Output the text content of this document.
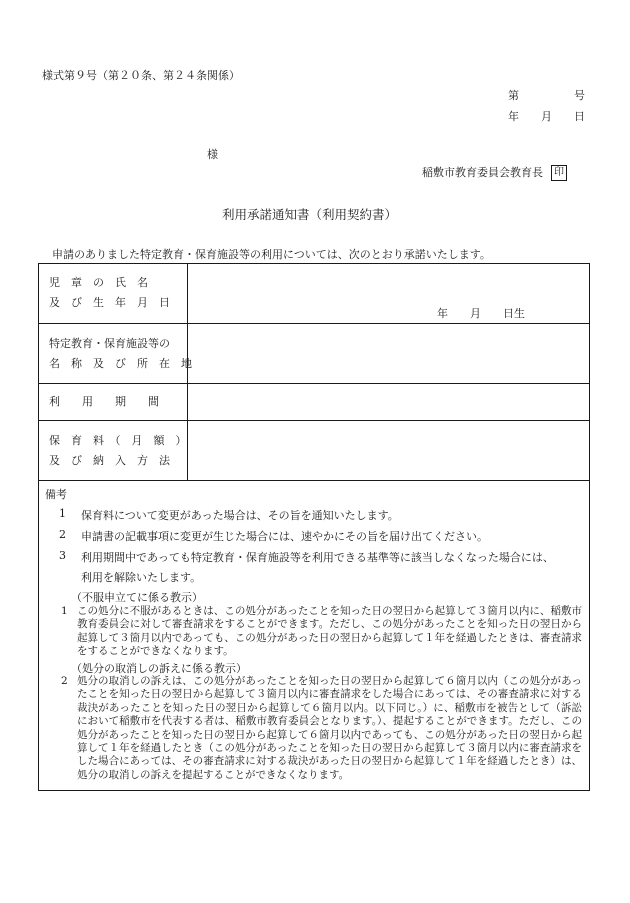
様式第９号（第２０条、第２４条関係）
第	号
年 月 日
様
稲敷市教育委員会教育長 印
利用承諾通知書（利用契約書）
申請のありました特定教育・保育施設等の利用については、次のとおり承諾いたします。
児　章　の　氏　名
及　び　生　年　月　日
年　　月　　日生
特定教育・保育施設等の
名　称　及　び　所　在　地
利　　用　　期　　間
保　育　料　（　月　額　）
及　び　納　入　方　法
備考
1 保育料について変更があった場合は、その旨を通知いたします。
2 申請書の記載事項に変更が生じた場合には、速やかにその旨を届け出てください。
3 利用期間中であっても特定教育・保育施設等を利用できる基準等に該当しなくなった場合には、
利用を解除いたします。
（不服申立てに係る教示）
1 この処分に不服があるときは、この処分があったことを知った日の翌日から起算して３箇月以内に、稲敷市教育委員会に対して審査請求をすることができます。ただし、この処分があったことを知った日の翌日から起算して３箇月以内であっても、この処分があった日の翌日から起算して１年を経過したときは、審査請求をすることができなくなります。
（処分の取消しの訴えに係る教示）
2 処分の取消しの訴えは、この処分があったことを知った日の翌日から起算して６箇月以内（この処分があったことを知った日の翌日から起算して３箇月以内に審査請求をした場合にあっては、その審査請求に対する裁決があったことを知った日の翌日から起算して６箇月以内。以下同じ。）に、稲敷市を被告として（訴訟において稲敷市を代表する者は、稲敷市教育委員会となります。）、提起することができます。ただし、この処分があったことを知った日の翌日から起算して６箇月以内であっても、この処分があった日の翌日から起算して１年を経過したとき（この処分があったことを知った日の翌日から起算して３箇月以内に審査請求をした場合にあっては、その審査請求に対する裁決があった日の翌日から起算して１年を経過したとき）は、処分の取消しの訴えを提起することができなくなります。
